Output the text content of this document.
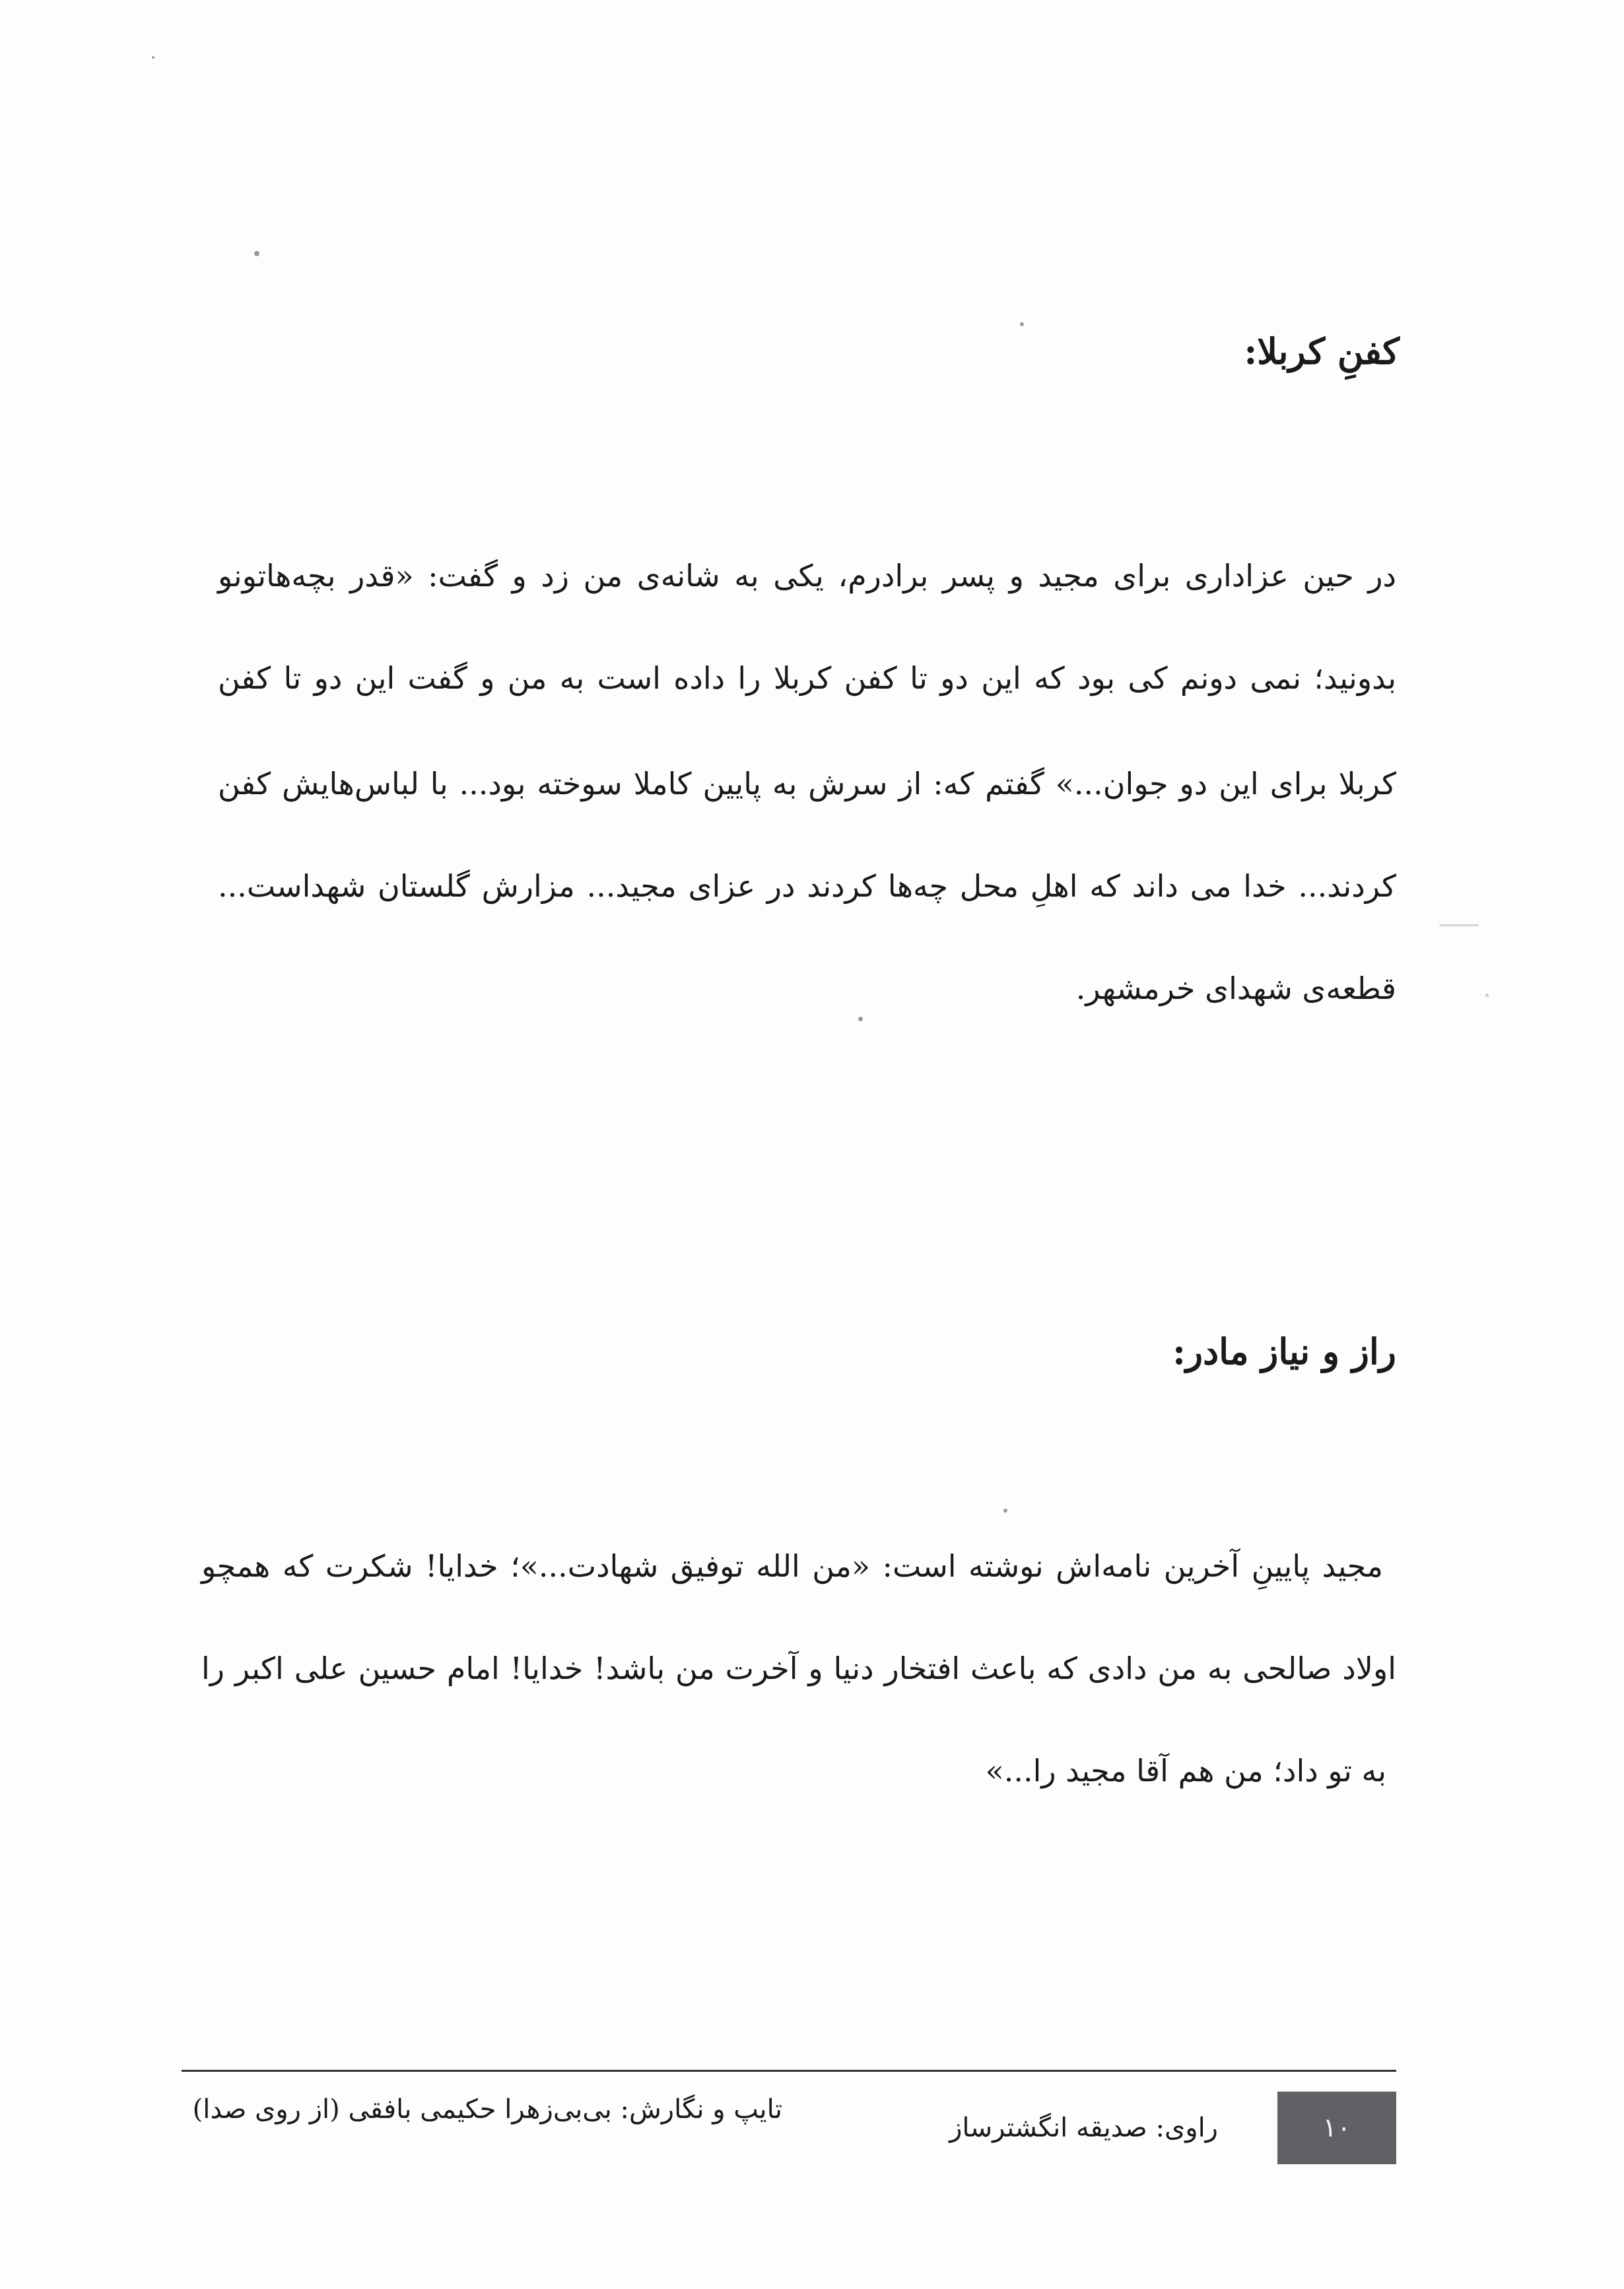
کفنِ کربلا:
در حین عزاداری برای مجید و پسر برادرم، یکی به شانه‌ی من زد و گفت: «قدر بچه‌هاتونو
بدونید؛ نمی دونم کی بود که این دو تا کفن کربلا را داده است به من و گفت این دو تا کفن
کربلا برای این دو جوان...» گفتم که: از سرش به پایین کاملا سوخته بود... با لباس‌هایش کفن
کردند... خدا می داند که اهلِ محل چه‌ها کردند در عزای مجید... مزارش گلستان شهداست...
قطعه‌ی شهدای خرمشهر.
راز و نیاز مادر:
مجید پایینِ آخرین نامه‌اش نوشته است: «من الله توفیق شهادت...»؛ خدایا! شکرت که همچو
اولاد صالحی به من دادی که باعث افتخار دنیا و آخرت من باشد! خدایا! امام حسین علی اکبر را
به تو داد؛ من هم آقا مجید را...»
۱۰
راوی: صدیقه انگشترساز
تایپ و نگارش: بی‌بی‌زهرا حکیمی بافقی (از روی صدا)
